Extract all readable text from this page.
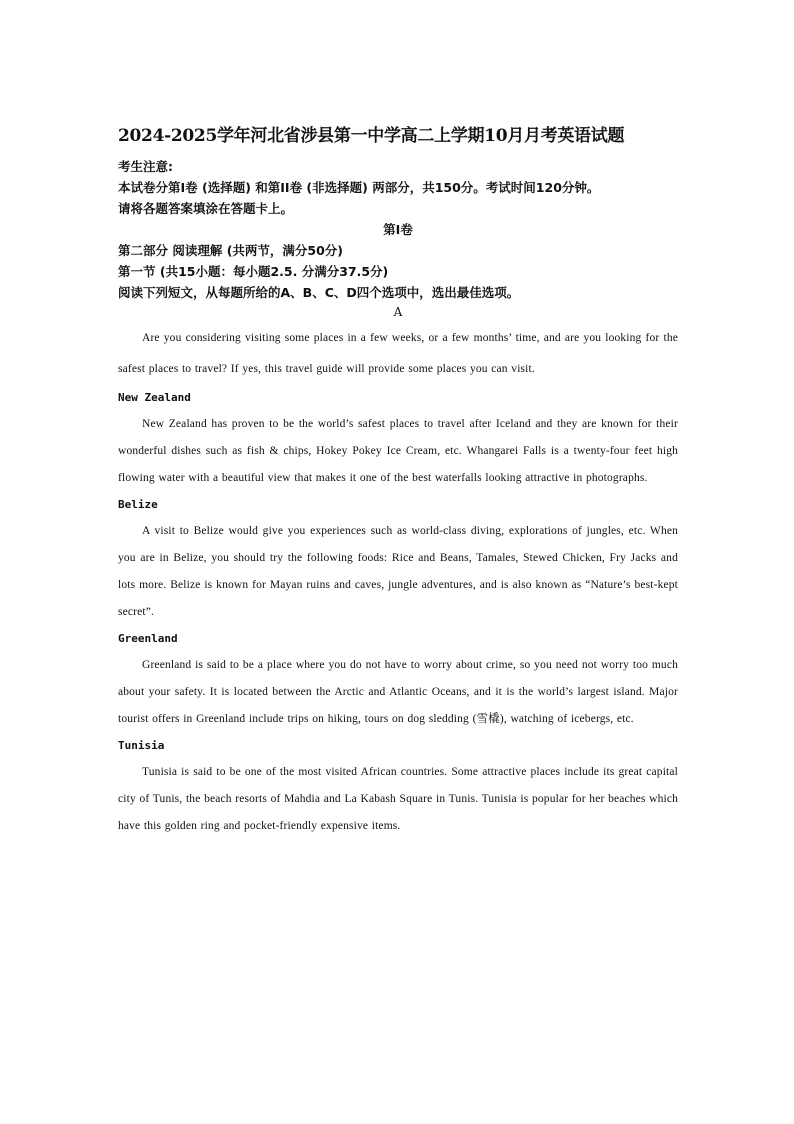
2024-2025学年河北省涉县第一中学高二上学期10月月考英语试题

考生注意:

本试卷分第I卷 (选择题) 和第II卷 (非选择题) 两部分，共150分。考试时间120分钟。

请将各题答案填涂在答题卡上。

第I卷

第二部分 阅读理解 (共两节，满分50分)

第一节 (共15小题：每小题2.5. 分满分37.5分)

阅读下列短文，从每题所给的A、B、C、D四个选项中，选出最佳选项。

A

Are you considering visiting some places in a few weeks, or a few months’ time, and are you looking for the safest places to travel? If yes, this travel guide will provide some places you can visit.

New Zealand

New Zealand has proven to be the world’s safest places to travel after Iceland and they are known for their wonderful dishes such as fish & chips, Hokey Pokey Ice Cream, etc. Whangarei Falls is a twenty-four feet high flowing water with a beautiful view that makes it one of the best waterfalls looking attractive in photographs.

Belize

A visit to Belize would give you experiences such as world-class diving, explorations of jungles, etc. When you are in Belize, you should try the following foods: Rice and Beans, Tamales, Stewed Chicken, Fry Jacks and lots more. Belize is known for Mayan ruins and caves, jungle adventures, and is also known as “Nature’s best-kept secret”.

Greenland

Greenland is said to be a place where you do not have to worry about crime, so you need not worry too much about your safety. It is located between the Arctic and Atlantic Oceans, and it is the world’s largest island. Major tourist offers in Greenland include trips on hiking, tours on dog sledding (雪橇), watching of icebergs, etc.

Tunisia

Tunisia is said to be one of the most visited African countries. Some attractive places include its great capital city of Tunis, the beach resorts of Mahdia and La Kabash Square in Tunis. Tunisia is popular for her beaches which have this golden ring and pocket-friendly expensive items.
